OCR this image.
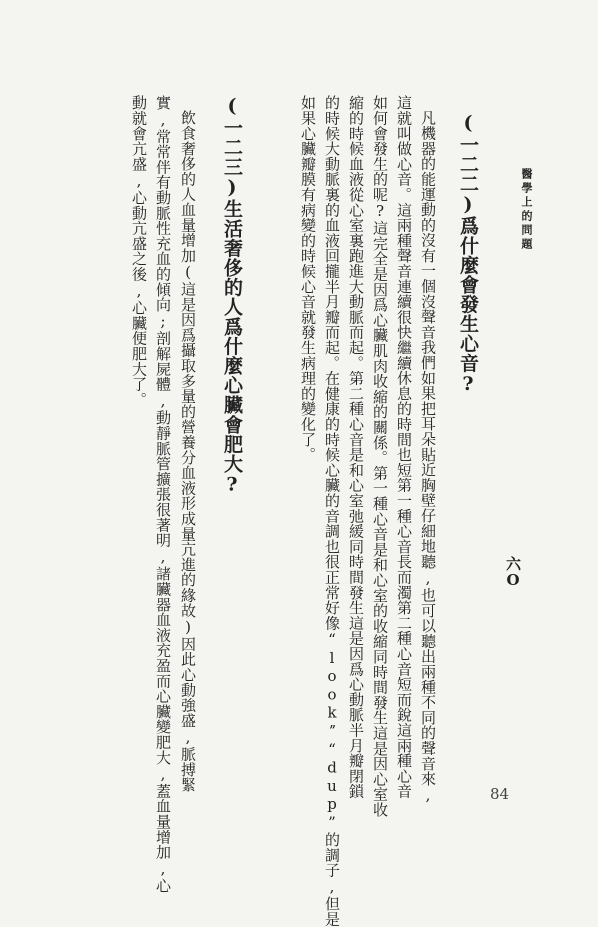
醫學上的問題
六O
(一二二)爲什麼會發生心音?
凡機器的能運動的沒有一個沒聲音我們如果把耳朵貼近胸壁仔細地聽,也可以聽出兩種不同的聲音來,
這就叫做心音。這兩種聲音連續很快繼續休息的時間也短第一種心音長而濁第二種心音短而銳這兩種心音
如何會發生的呢?這完全是因爲心臟肌肉收縮的關係。第一種心音是和心室的收縮同時間發生這是因心室收
縮的時候血液從心室裏跑進大動脈而起。第二種心音是和心室弛緩同時間發生這是因爲心動脈半月瓣閉鎖
的時候大動脈裏的血液回攏半月瓣而起。在健康的時候心臟的音調也很正常好像“lookˮ“dup”的調子,但是
如果心臟瓣膜有病變的時候心音就發生病理的變化了。
(一二三)生活奢侈的人爲什麼心臟會肥大?
飲食奢侈的人血量增加(這是因爲攝取多量的營養分血液形成量亢進的緣故)因此心動強盛,脈搏緊
實,常常伴有動脈性充血的傾向;剖解屍體,動靜脈管擴張很著明,諸臟器血液充盈而心臟變肥大,蓋血量增加,心
動就會亢盛,心動亢盛之後,心臟便肥大了。
84
